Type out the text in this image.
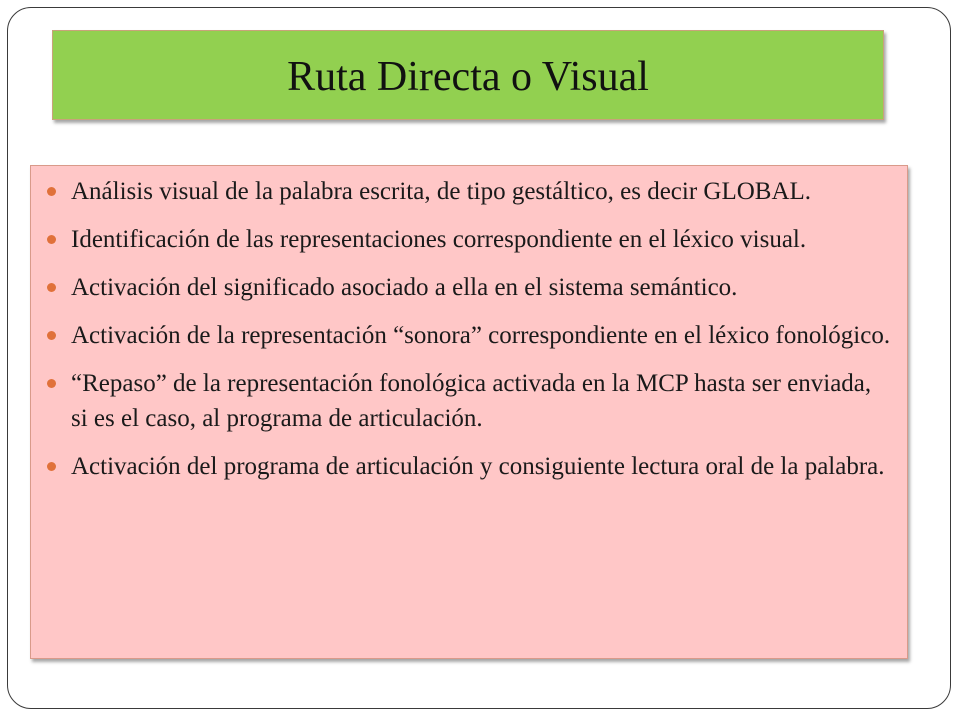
Ruta Directa o Visual
Análisis visual de la palabra escrita, de tipo gestáltico, es decir GLOBAL.
Identificación de las representaciones correspondiente en el léxico visual.
Activación del significado asociado a ella en el sistema semántico.
Activación de la representación “sonora” correspondiente en el léxico fonológico.
“Repaso” de la representación fonológica activada en la MCP hasta ser enviada, si es el caso, al programa de articulación.
Activación del programa de articulación y consiguiente lectura oral de la palabra.
